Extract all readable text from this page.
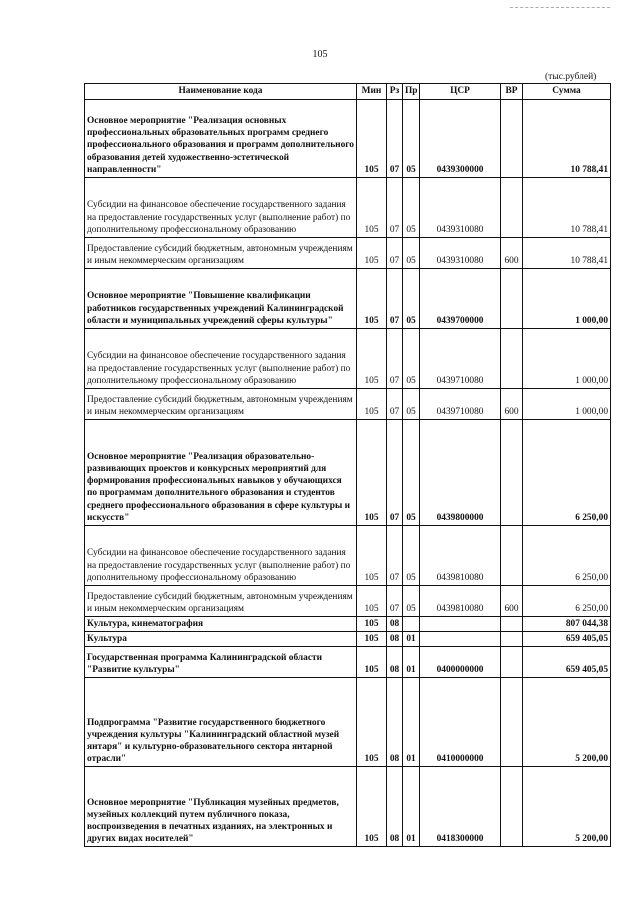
105
(тыс.рублей)
Наименование кода	Мин	Рз	Пр	ЦСР	ВР	Сумма
Основное мероприятие "Реализация основных профессиональных образовательных программ среднего профессионального образования и программ дополнительного образования детей художественно-эстетической направленности"	105	07	05	0439300000		10 788,41
Субсидии на финансовое обеспечение государственного задания на предоставление государственных услуг (выполнение работ) по дополнительному профессиональному образованию	105	07	05	0439310080		10 788,41
Предоставление субсидий бюджетным, автономным учреждениям и иным некоммерческим организациям	105	07	05	0439310080	600	10 788,41
Основное мероприятие "Повышение квалификации работников государственных учреждений Калининградской области и муниципальных учреждений сферы культуры"	105	07	05	0439700000		1 000,00
Субсидии на финансовое обеспечение государственного задания на предоставление государственных услуг (выполнение работ) по дополнительному профессиональному образованию	105	07	05	0439710080		1 000,00
Предоставление субсидий бюджетным, автономным учреждениям и иным некоммерческим организациям	105	07	05	0439710080	600	1 000,00
Основное мероприятие "Реализация образовательно-развивающих проектов и конкурсных мероприятий для формирования профессиональных навыков у обучающихся по программам дополнительного образования и студентов среднего профессионального образования в сфере культуры и искусств"	105	07	05	0439800000		6 250,00
Субсидии на финансовое обеспечение государственного задания на предоставление государственных услуг (выполнение работ) по дополнительному профессиональному образованию	105	07	05	0439810080		6 250,00
Предоставление субсидий бюджетным, автономным учреждениям и иным некоммерческим организациям	105	07	05	0439810080	600	6 250,00
Культура, кинематография	105	08				807 044,38
Культура	105	08	01			659 405,05
Государственная программа Калининградской области "Развитие культуры"	105	08	01	0400000000		659 405,05
Подпрограмма "Развитие государственного бюджетного учреждения культуры "Калининградский областной музей янтаря" и культурно-образовательного сектора янтарной отрасли"	105	08	01	0410000000		5 200,00
Основное мероприятие "Публикация музейных предметов, музейных коллекций путем публичного показа, воспроизведения в печатных изданиях, на электронных и других видах носителей"	105	08	01	0418300000		5 200,00
